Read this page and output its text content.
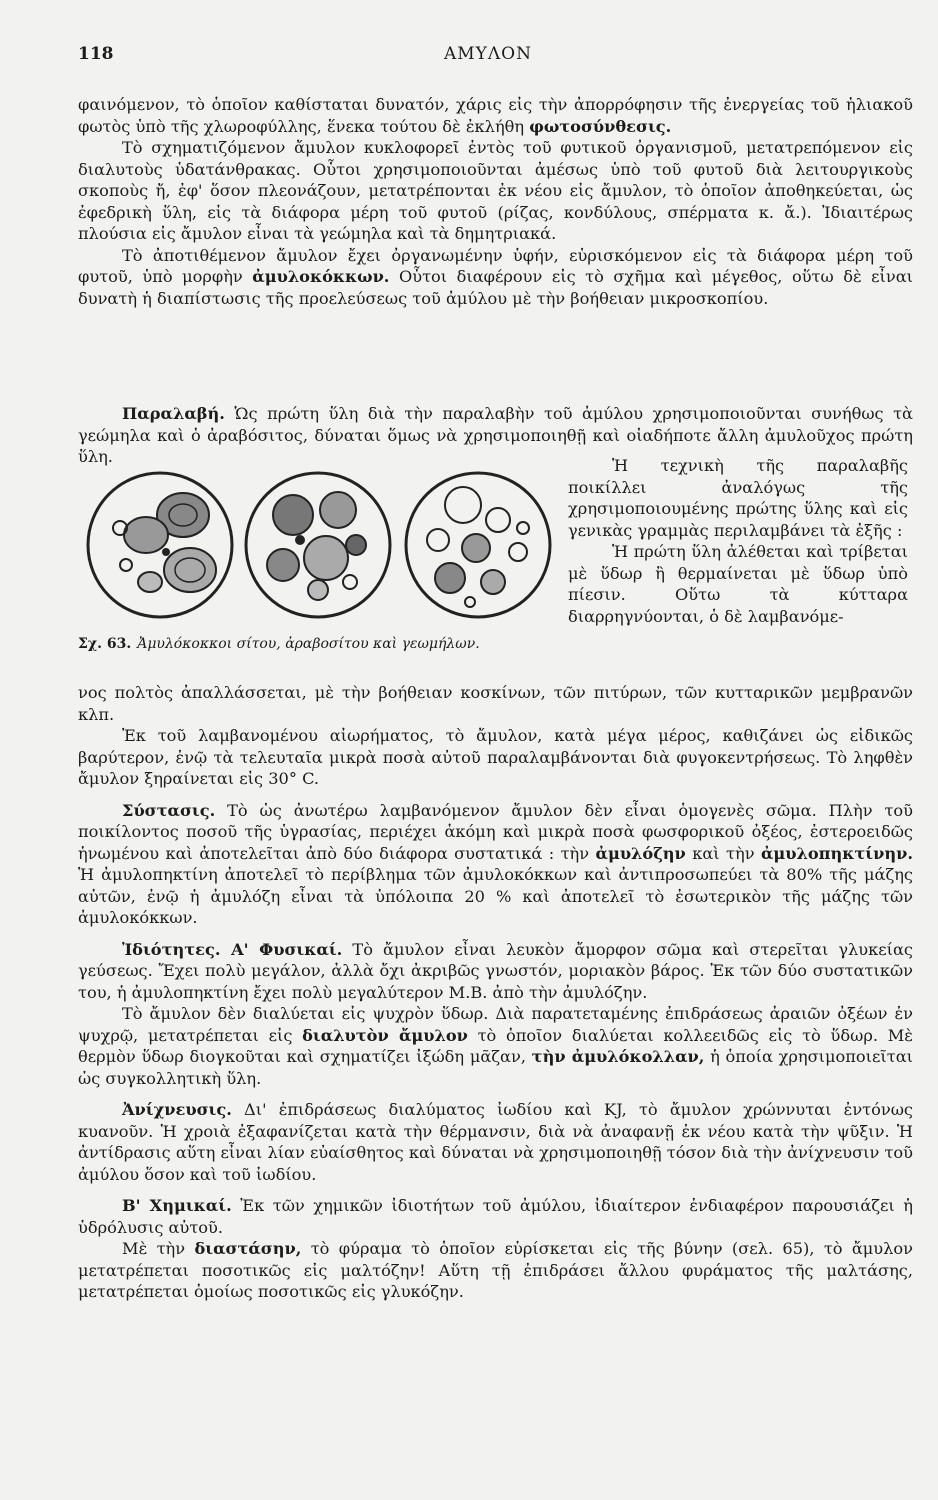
118	ΑΜΥΛΟΝ

φαινόμενον, τὸ ὁποῖον καθίσταται δυνατόν, χάρις εἰς τὴν ἀπορρόφησιν τῆς ἐνεργείας τοῦ ἡλιακοῦ φωτὸς ὑπὸ τῆς χλωροφύλλης, ἕνεκα τούτου δὲ ἐκλήθη φωτοσύνθεσις.

Τὸ σχηματιζόμενον ἄμυλον κυκλοφορεῖ ἐντὸς τοῦ φυτικοῦ ὀργανισμοῦ, μετατρεπόμενον εἰς διαλυτοὺς ὑδατάνθρακας. Οὗτοι χρησιμοποιοῦνται ἀμέσως ὑπὸ τοῦ φυτοῦ διὰ λειτουργικοὺς σκοποὺς ἤ, ἐφ' ὅσον πλεονάζουν, μετατρέπονται ἐκ νέου εἰς ἄμυλον, τὸ ὁποῖον ἀποθηκεύεται, ὡς ἐφεδρικὴ ὕλη, εἰς τὰ διάφορα μέρη τοῦ φυτοῦ (ρίζας, κονδύλους, σπέρματα κ. ἄ.). Ἰδιαιτέρως πλούσια εἰς ἄμυλον εἶναι τὰ γεώμηλα καὶ τὰ δημητριακά.

Τὸ ἀποτιθέμενον ἄμυλον ἔχει ὀργανωμένην ὑφήν, εὑρισκόμενον εἰς τὰ διάφορα μέρη τοῦ φυτοῦ, ὑπὸ μορφὴν ἀμυλοκόκκων. Οὗτοι διαφέρουν εἰς τὸ σχῆμα καὶ μέγεθος, οὕτω δὲ εἶναι δυνατὴ ἡ διαπίστωσις τῆς προελεύσεως τοῦ ἀμύλου μὲ τὴν βοήθειαν μικροσκοπίου.

Παραλαβή. Ὡς πρώτη ὕλη διὰ τὴν παραλαβὴν τοῦ ἀμύλου χρησιμοποιοῦνται συνήθως τὰ γεώμηλα καὶ ὁ ἀραβόσιτος, δύναται ὅμως νὰ χρησιμοποιηθῇ καὶ οἱαδήποτε ἄλλη ἀμυλοῦχος πρώτη ὕλη.

Σχ. 63. Ἀμυλόκοκκοι σίτου, ἀραβοσίτου καὶ γεωμήλων.

Ἡ τεχνικὴ τῆς παραλαβῆς ποικίλλει ἀναλόγως τῆς χρησιμοποιουμένης πρώτης ὕλης καὶ εἰς γενικὰς γραμμὰς περιλαμβάνει τὰ ἑξῆς :

Ἡ πρώτη ὕλη ἀλέθεται καὶ τρίβεται μὲ ὕδωρ ἢ θερμαίνεται μὲ ὕδωρ ὑπὸ πίεσιν. Οὕτω τὰ κύτταρα διαρρηγνύονται, ὁ δὲ λαμβανόμε-

νος πολτὸς ἀπαλλάσσεται, μὲ τὴν βοήθειαν κοσκίνων, τῶν πιτύρων, τῶν κυτταρικῶν μεμβρανῶν κλπ.

Ἐκ τοῦ λαμβανομένου αἰωρήματος, τὸ ἄμυλον, κατὰ μέγα μέρος, καθιζάνει ὡς εἰδικῶς βαρύτερον, ἐνῷ τὰ τελευταῖα μικρὰ ποσὰ αὐτοῦ παραλαμβάνονται διὰ φυγοκεντρήσεως. Τὸ ληφθὲν ἄμυλον ξηραίνεται εἰς 30° C.

Σύστασις. Τὸ ὡς ἀνωτέρω λαμβανόμενον ἄμυλον δὲν εἶναι ὁμογενὲς σῶμα. Πλὴν τοῦ ποικίλοντος ποσοῦ τῆς ὑγρασίας, περιέχει ἀκόμη καὶ μικρὰ ποσὰ φωσφορικοῦ ὀξέος, ἐστεροειδῶς ἡνωμένου καὶ ἀποτελεῖται ἀπὸ δύο διάφορα συστατικά : τὴν ἀμυλόζην καὶ τὴν ἀμυλοπηκτίνην. Ἡ ἀμυλοπηκτίνη ἀποτελεῖ τὸ περίβλημα τῶν ἀμυλοκόκκων καὶ ἀντιπροσωπεύει τὰ 80% τῆς μάζης αὐτῶν, ἐνῷ ἡ ἀμυλόζη εἶναι τὰ ὑπόλοιπα 20 % καὶ ἀποτελεῖ τὸ ἐσωτερικὸν τῆς μάζης τῶν ἀμυλοκόκκων.

Ἰδιότητες. Α' Φυσικαί. Τὸ ἄμυλον εἶναι λευκὸν ἄμορφον σῶμα καὶ στερεῖται γλυκείας γεύσεως. Ἔχει πολὺ μεγάλον, ἀλλὰ ὄχι ἀκριβῶς γνωστόν, μοριακὸν βάρος. Ἐκ τῶν δύο συστατικῶν του, ἡ ἀμυλοπηκτίνη ἔχει πολὺ μεγαλύτερον Μ.Β. ἀπὸ τὴν ἀμυλόζην.

Τὸ ἄμυλον δὲν διαλύεται εἰς ψυχρὸν ὕδωρ. Διὰ παρατεταμένης ἐπιδράσεως ἀραιῶν ὀξέων ἐν ψυχρῷ, μετατρέπεται εἰς διαλυτὸν ἄμυλον τὸ ὁποῖον διαλύεται κολλεειδῶς εἰς τὸ ὕδωρ. Μὲ θερμὸν ὕδωρ διογκοῦται καὶ σχηματίζει ἰξώδη μᾶζαν, τὴν ἀμυλόκολλαν, ἡ ὁποία χρησιμοποιεῖται ὡς συγκολλητικὴ ὕλη.

Ἀνίχνευσις. Δι' ἐπιδράσεως διαλύματος ἰωδίου καὶ KJ, τὸ ἄμυλον χρώννυται ἐντόνως κυανοῦν. Ἡ χροιὰ ἐξαφανίζεται κατὰ τὴν θέρμανσιν, διὰ νὰ ἀναφανῇ ἐκ νέου κατὰ τὴν ψῦξιν. Ἡ ἀντίδρασις αὕτη εἶναι λίαν εὐαίσθητος καὶ δύναται νὰ χρησιμοποιηθῇ τόσον διὰ τὴν ἀνίχνευσιν τοῦ ἀμύλου ὅσον καὶ τοῦ ἰωδίου.

Β' Χημικαί. Ἐκ τῶν χημικῶν ἰδιοτήτων τοῦ ἀμύλου, ἰδιαίτερον ἐνδιαφέρον παρουσιάζει ἡ ὑδρόλυσις αὐτοῦ.

Μὲ τὴν διαστάσην, τὸ φύραμα τὸ ὁποῖον εὑρίσκεται εἰς τῆς βύνην (σελ. 65), τὸ ἄμυλον μετατρέπεται ποσοτικῶς εἰς μαλτόζην! Αὕτη τῇ ἐπιδράσει ἄλλου φυράματος τῆς μαλτάσης, μετατρέπεται ὁμοίως ποσοτικῶς εἰς γλυκόζην.
